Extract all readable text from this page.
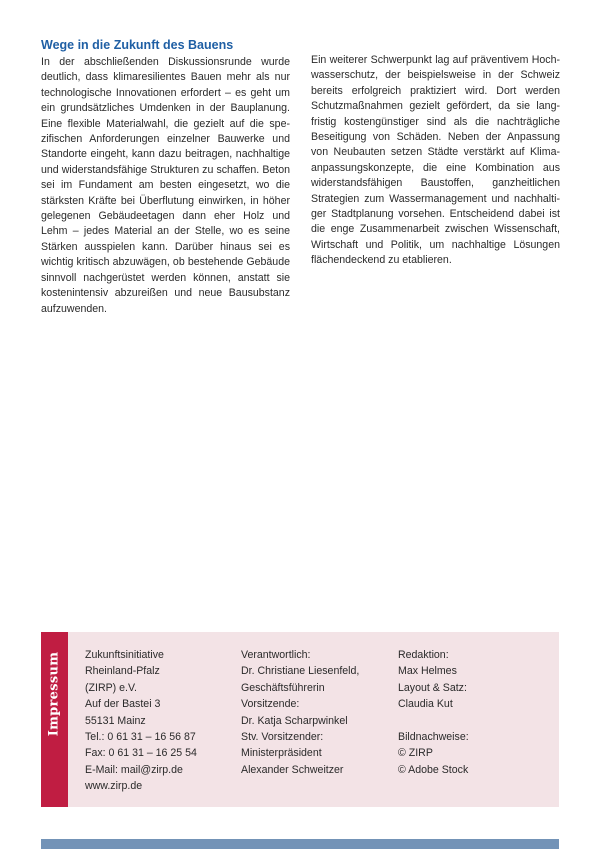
Wege in die Zukunft des Bauens

In der abschließenden Diskussionsrunde wurde deutlich, dass klimaresilientes Bauen mehr als nur technologische Innovationen erfordert – es geht um ein grundsätzliches Umdenken in der Bauplanung. Eine flexible Materialwahl, die gezielt auf die spezifischen Anforderungen einzelner Bauwerke und Standorte eingeht, kann dazu beitragen, nachhaltige und widerstandsfähige Strukturen zu schaffen. Beton sei im Fundament am besten eingesetzt, wo die stärksten Kräfte bei Überflutung einwirken, in höher gelegenen Gebäudeetagen dann eher Holz und Lehm – jedes Material an der Stelle, wo es seine Stärken ausspielen kann. Darüber hinaus sei es wichtig kritisch abzuwägen, ob bestehende Gebäude sinnvoll nachgerüstet werden können, anstatt sie kostenintensiv abzureißen und neue Bausubstanz aufzuwenden.

Ein weiterer Schwerpunkt lag auf präventivem Hochwasserschutz, der beispielsweise in der Schweiz bereits erfolgreich praktiziert wird. Dort werden Schutzmaßnahmen gezielt gefördert, da sie langfristig kostengünstiger sind als die nachträgliche Beseitigung von Schäden. Neben der Anpassung von Neubauten setzen Städte verstärkt auf Klimaanpassungskonzepte, die eine Kombination aus widerstandsfähigen Baustoffen, ganzheitlichen Strategien zum Wassermanagement und nachhaltiger Stadtplanung vorsehen. Entscheidend dabei ist die enge Zusammenarbeit zwischen Wissenschaft, Wirtschaft und Politik, um nachhaltige Lösungen flächendeckend zu etablieren.

Impressum Zukunftsinitiative
Rheinland-Pfalz
(ZIRP) e.V.
Auf der Bastei 3
55131 Mainz
Tel.: 0 61 31 – 16 56 87
Fax: 0 61 31 – 16 25 54
E-Mail: mail@zirp.de
www.zirp.de
Verantwortlich:
Dr. Christiane Liesenfeld,
Geschäftsführerin
Vorsitzende:
Dr. Katja Scharpwinkel
Stv. Vorsitzender:
Ministerpräsident
Alexander Schweitzer
Redaktion:
Max Helmes
Layout & Satz:
Claudia Kut
Bildnachweise:
© ZIRP
© Adobe Stock
